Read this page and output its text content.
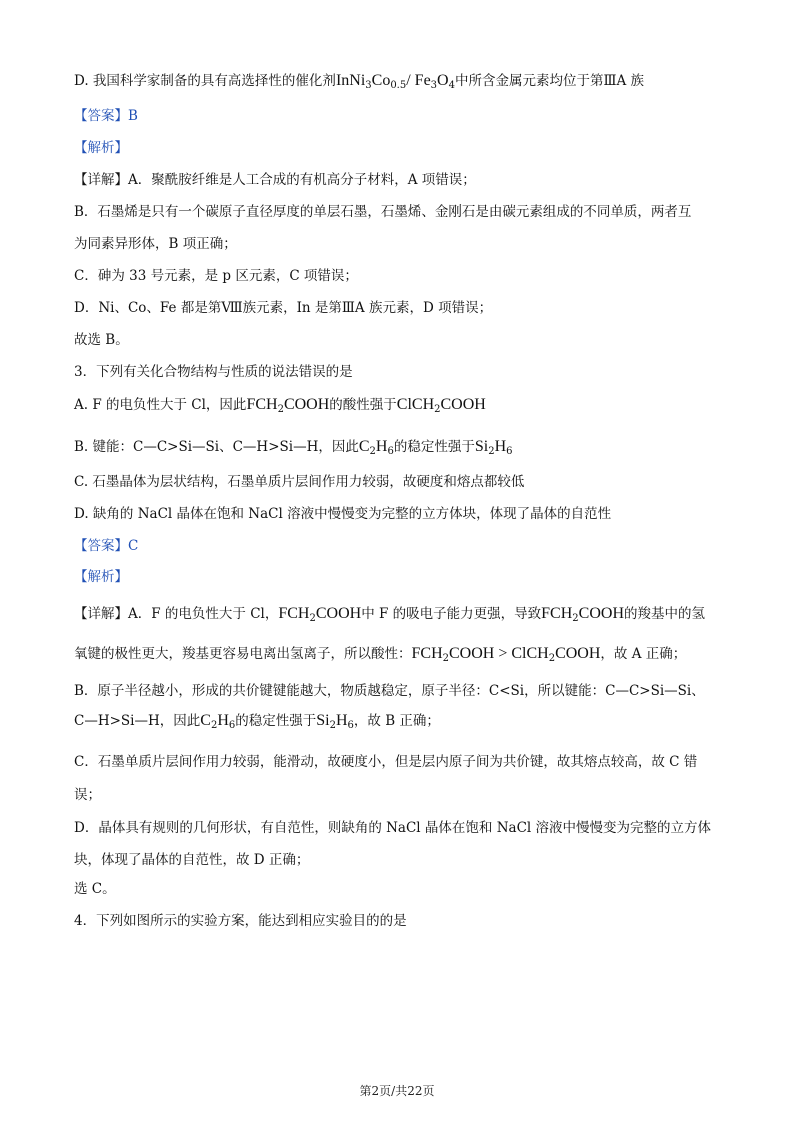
D. 我国科学家制备的具有高选择性的催化剂$InNi_3Co_{0.5}/$ $Fe_3O_4$中所含金属元素均位于第ⅢA 族
【答案】B
【解析】
【详解】A．聚酰胺纤维是人工合成的有机高分子材料，A 项错误；
B．石墨烯是只有一个碳原子直径厚度的单层石墨，石墨烯、金刚石是由碳元素组成的不同单质，两者互
为同素异形体，B 项正确；
C．砷为 33 号元素，是 p 区元素，C 项错误；
D．Ni、Co、Fe 都是第Ⅷ族元素，In 是第ⅢA 族元素，D 项错误；
故选 B。
3．下列有关化合物结构与性质的说法错误的是
A. F 的电负性大于 Cl，因此$FCH_2COOH$的酸性强于ClCH$_2$COOH
B. 键能：C—C>Si—Si、C—H>Si—H，因此$C_2H_6$的稳定性强于$Si_2H_6$
C. 石墨晶体为层状结构，石墨单质片层间作用力较弱，故硬度和熔点都较低
D. 缺角的 NaCl 晶体在饱和 NaCl 溶液中慢慢变为完整的立方体块，体现了晶体的自范性
【答案】C
【解析】
【详解】A．F 的电负性大于 Cl，$FCH_2COOH$中 F 的吸电子能力更强，导致$FCH_2COOH$的羧基中的氢
氧键的极性更大，羧基更容易电离出氢离子，所以酸性：$FCH_2COOH$ > ClCH$_2$COOH，故 A 正确；
B．原子半径越小，形成的共价键键能越大，物质越稳定，原子半径：C<Si，所以键能：C—C>Si—Si、
C—H>Si—H，因此$C_2H_6$的稳定性强于$Si_2H_6$，故 B 正确；
C．石墨单质片层间作用力较弱，能滑动，故硬度小，但是层内原子间为共价键，故其熔点较高，故 C 错
误；
D．晶体具有规则的几何形状，有自范性，则缺角的 NaCl 晶体在饱和 NaCl 溶液中慢慢变为完整的立方体
块，体现了晶体的自范性，故 D 正确；
选 C。
4．下列如图所示的实验方案，能达到相应实验目的的是
第2页/共22页
